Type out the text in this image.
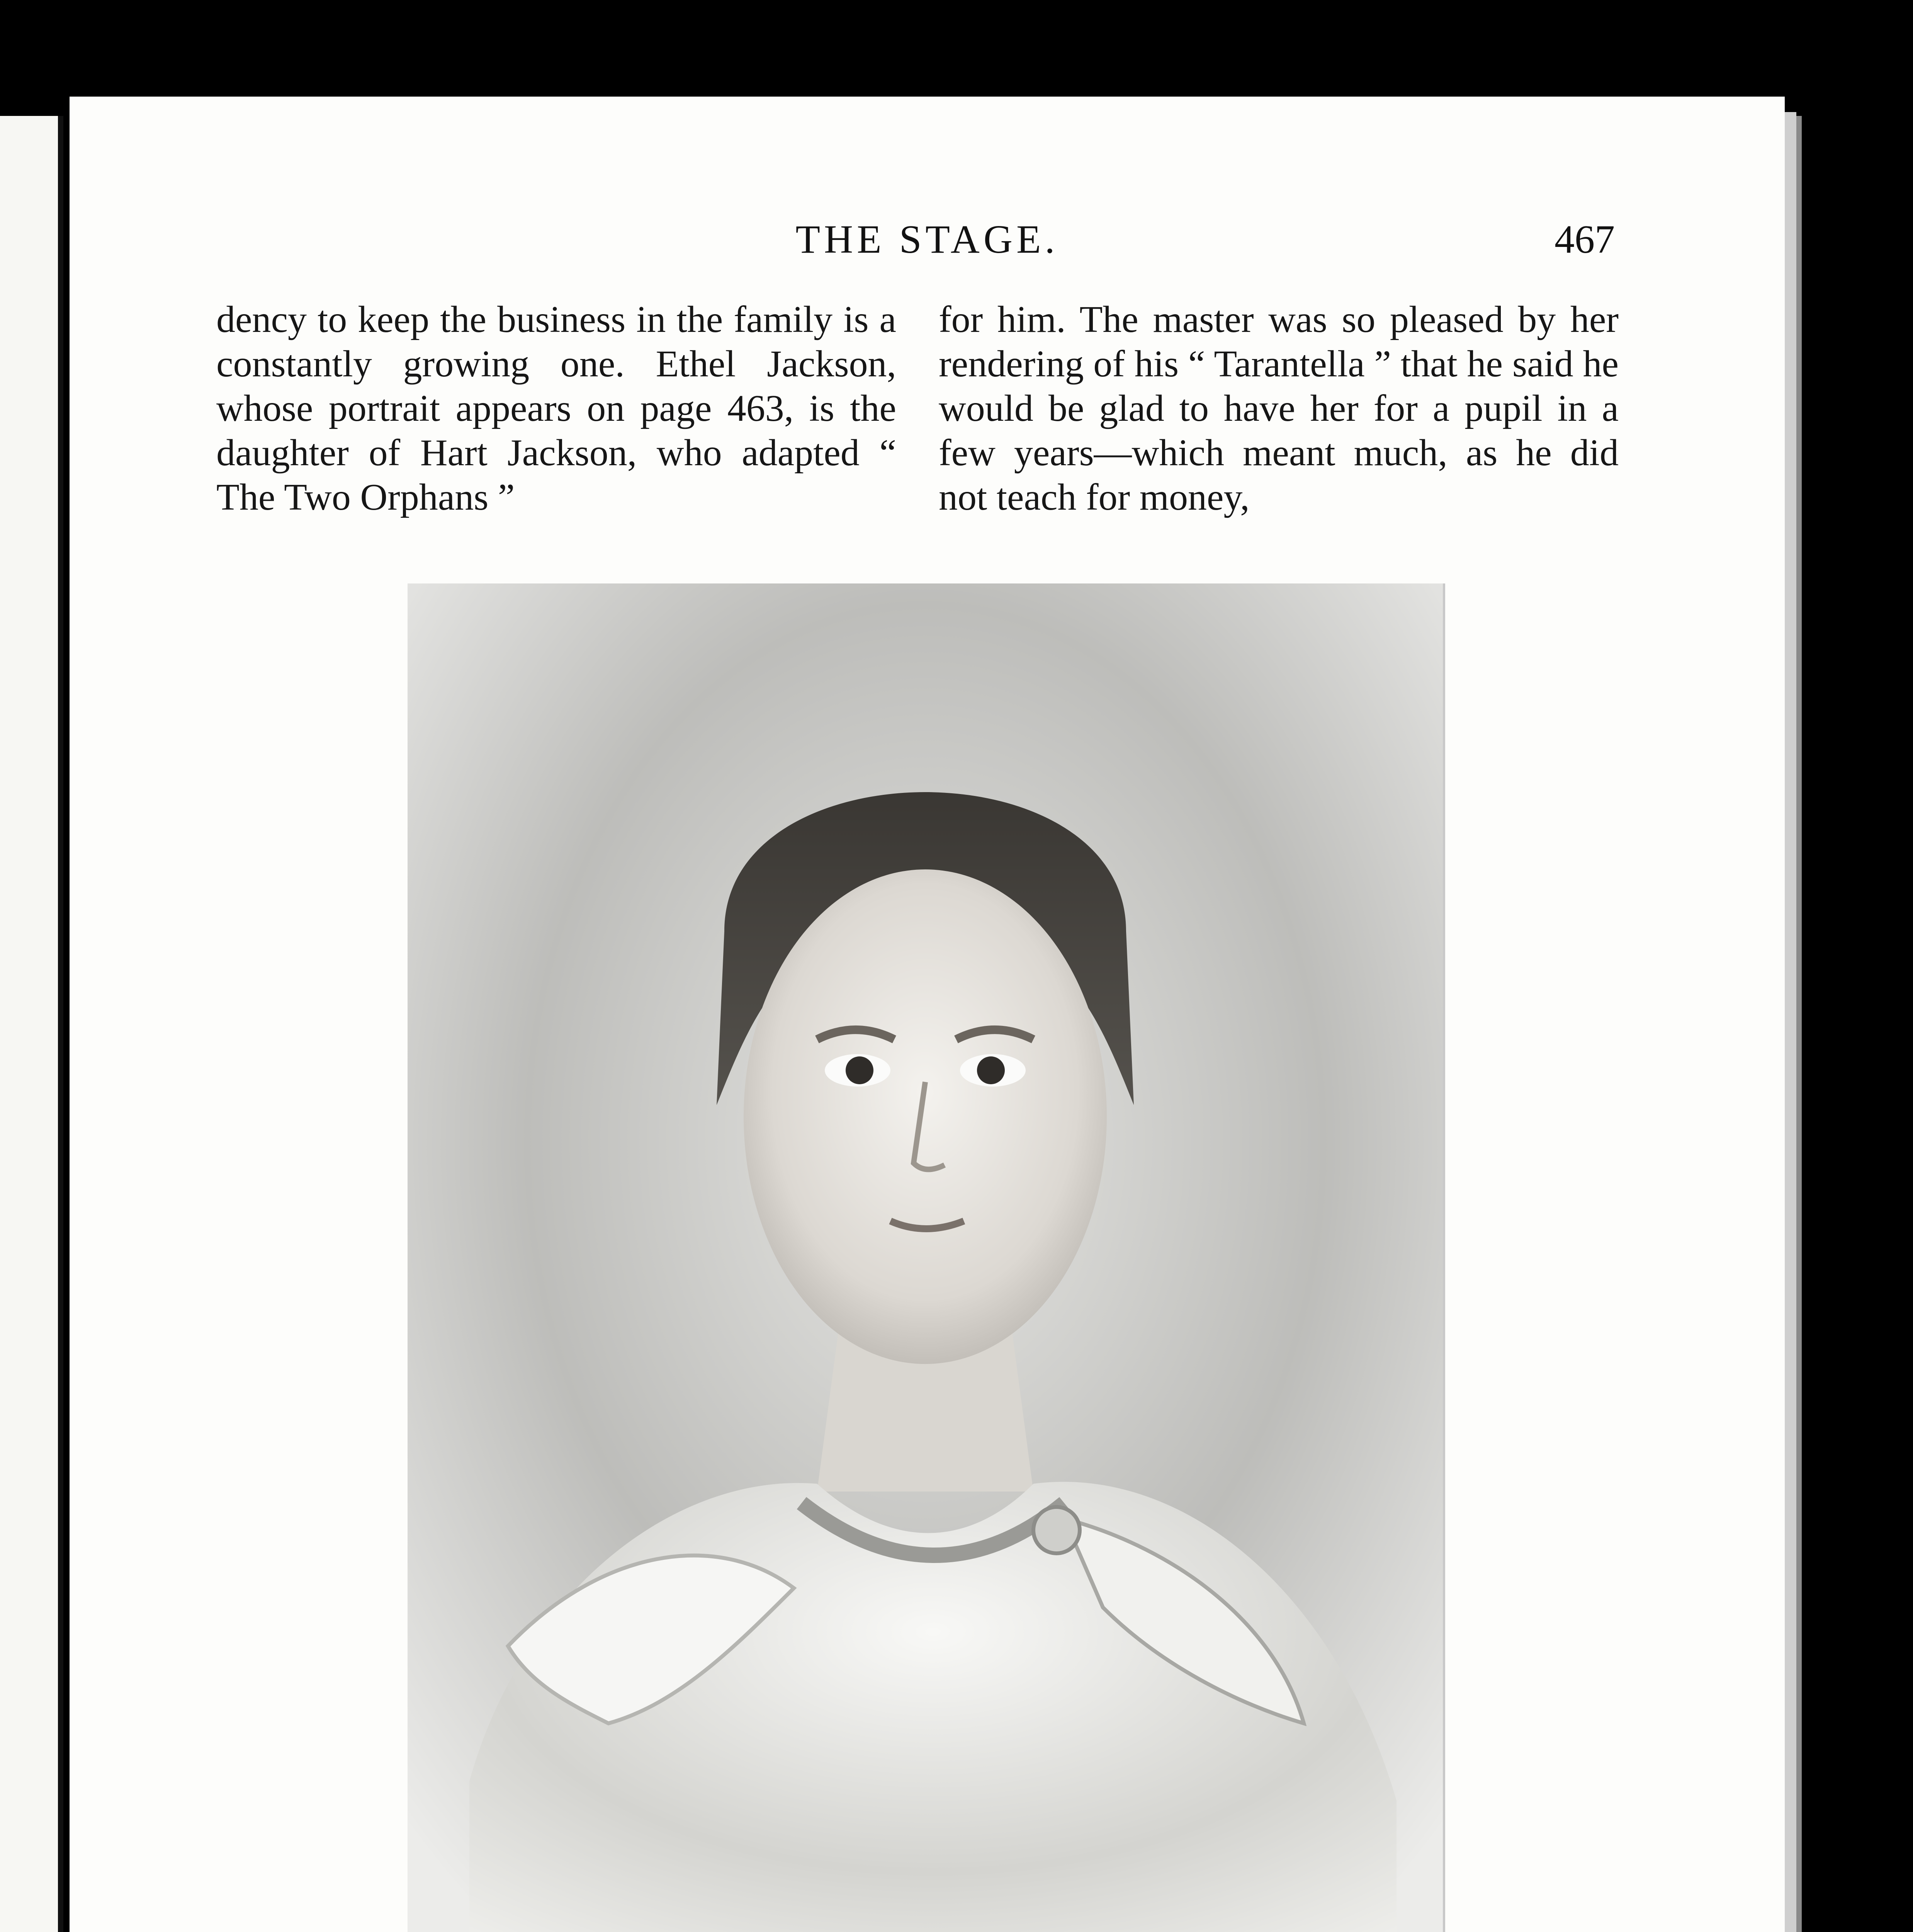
THE STAGE.	467

dency to keep the business in the family is a constantly growing one. Ethel Jackson, whose portrait appears on page 463, is the daughter of Hart Jackson, who adapted “ The Two Orphans ”

for him. The master was so pleased by her rendering of his “ Tarantella ” that he said he would be glad to have her for a pupil in a few years—which meant much, as he did not teach for money,
